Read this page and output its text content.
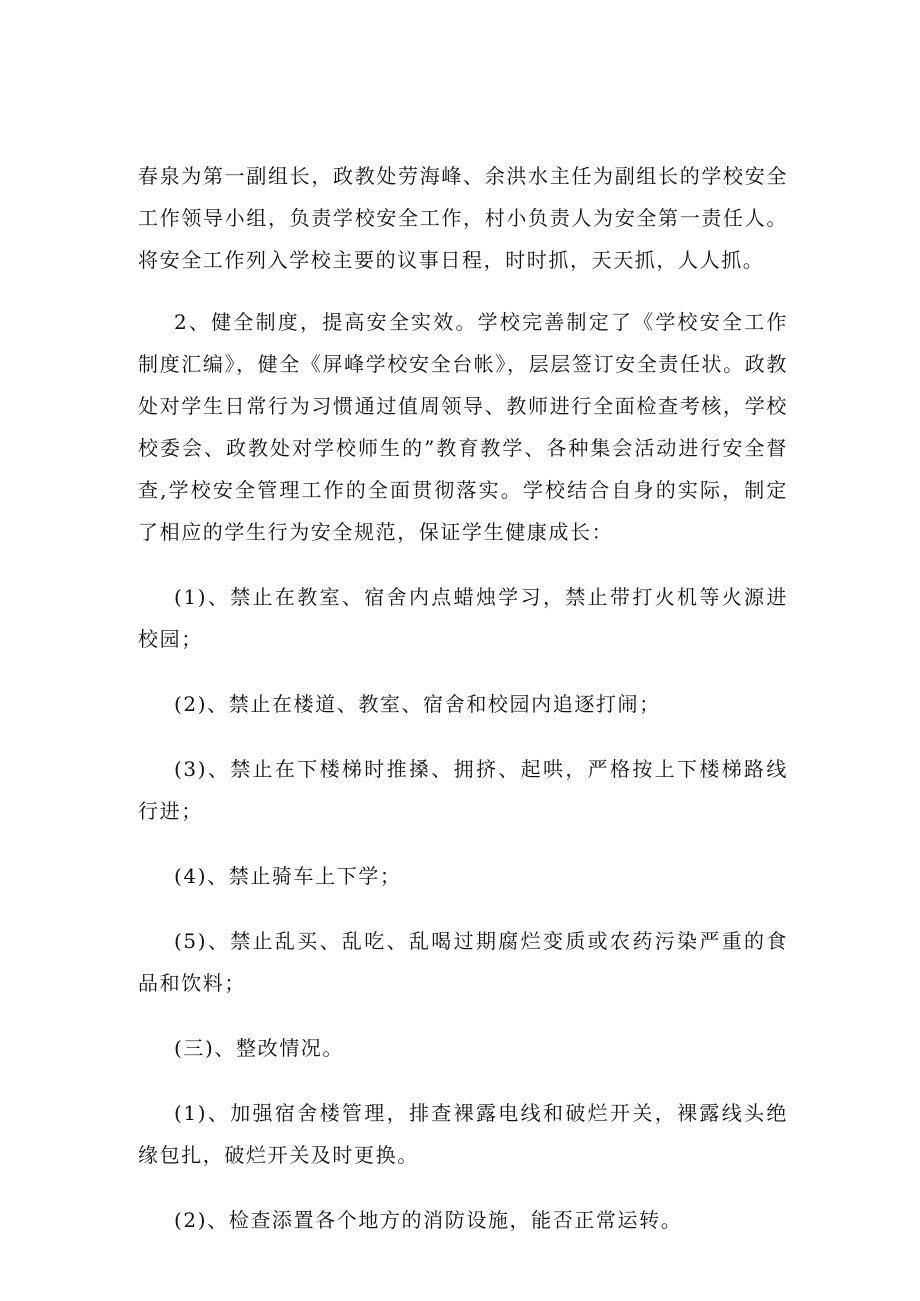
春泉为第一副组长，政教处劳海峰、余洪水主任为副组长的学校安全工作领导小组，负责学校安全工作，村小负责人为安全第一责任人。将安全工作列入学校主要的议事日程，时时抓，天天抓，人人抓。

2、健全制度，提高安全实效。学校完善制定了《学校安全工作制度汇编》，健全《屏峰学校安全台帐》，层层签订安全责任状。政教处对学生日常行为习惯通过值周领导、教师进行全面检查考核，学校校委会、政教处对学校师生的”教育教学、各种集会活动进行安全督查,学校安全管理工作的全面贯彻落实。学校结合自身的实际，制定了相应的学生行为安全规范，保证学生健康成长：

(1)、禁止在教室、宿舍内点蜡烛学习，禁止带打火机等火源进校园；

(2)、禁止在楼道、教室、宿舍和校园内追逐打闹；

(3)、禁止在下楼梯时推搡、拥挤、起哄，严格按上下楼梯路线行进；

(4)、禁止骑车上下学；

(5)、禁止乱买、乱吃、乱喝过期腐烂变质或农药污染严重的食品和饮料；

(三)、整改情况。

(1)、加强宿舍楼管理，排查裸露电线和破烂开关，裸露线头绝缘包扎，破烂开关及时更换。

(2)、检查添置各个地方的消防设施，能否正常运转。
